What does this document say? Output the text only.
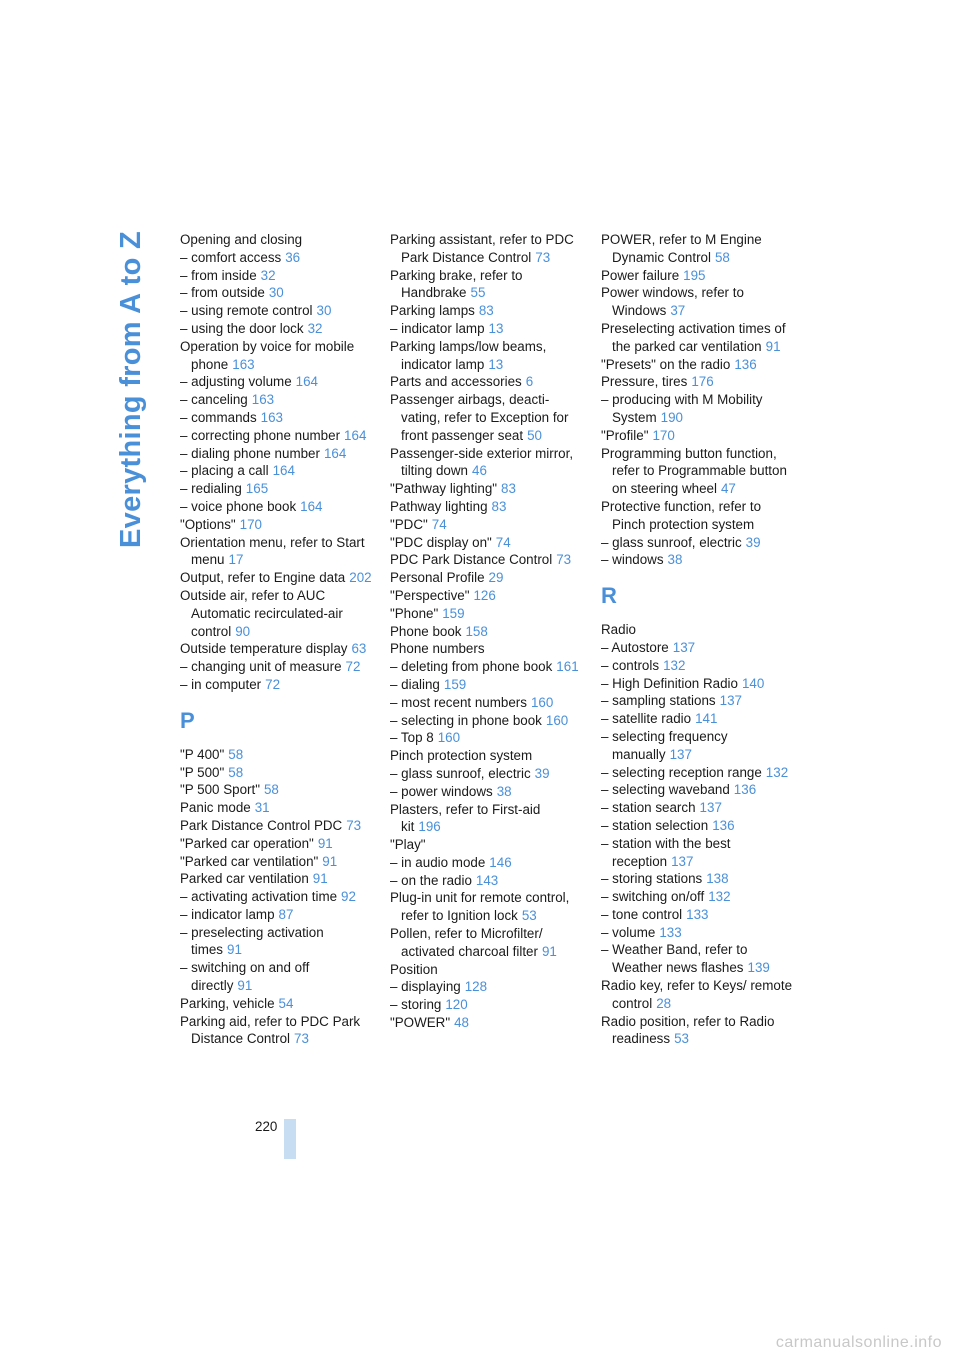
Everything from A to Z Opening and closing
– comfort access 36
– from inside 32
– from outside 30
– using remote control 30
– using the door lock 32
Operation by voice for mobile phone 163
– adjusting volume 164
– canceling 163
– commands 163
– correcting phone number 164
– dialing phone number 164
– placing a call 164
– redialing 165
– voice phone book 164
"Options" 170
Orientation menu, refer to Start menu 17
Output, refer to Engine data 202
Outside air, refer to AUC Automatic recirculated-air control 90
Outside temperature display 63
– changing unit of measure 72
– in computer 72
P
"P 400" 58
"P 500" 58
"P 500 Sport" 58
Panic mode 31
Park Distance Control PDC 73
"Parked car operation" 91
"Parked car ventilation" 91
Parked car ventilation 91
– activating activation time 92
– indicator lamp 87
– preselecting activation times 91
– switching on and off directly 91
Parking, vehicle 54
Parking aid, refer to PDC Park Distance Control 73
Parking assistant, refer to PDC Park Distance Control 73
Parking brake, refer to Handbrake 55
Parking lamps 83
– indicator lamp 13
Parking lamps/low beams, indicator lamp 13
Parts and accessories 6
Passenger airbags, deacti-vating, refer to Exception for front passenger seat 50
Passenger-side exterior mirror, tilting down 46
"Pathway lighting" 83
Pathway lighting 83
"PDC" 74
"PDC display on" 74
PDC Park Distance Control 73
Personal Profile 29
"Perspective" 126
"Phone" 159
Phone book 158
Phone numbers
– deleting from phone book 161
– dialing 159
– most recent numbers 160
– selecting in phone book 160
– Top 8 160
Pinch protection system
– glass sunroof, electric 39
– power windows 38
Plasters, refer to First-aid kit 196
"Play"
– in audio mode 146
– on the radio 143
Plug-in unit for remote control, refer to Ignition lock 53
Pollen, refer to Microfilter/ activated charcoal filter 91
Position
– displaying 128
– storing 120
"POWER" 48
POWER, refer to M Engine Dynamic Control 58
Power failure 195
Power windows, refer to Windows 37
Preselecting activation times of the parked car ventilation 91
"Presets" on the radio 136
Pressure, tires 176
– producing with M Mobility System 190
"Profile" 170
Programming button function, refer to Programmable button on steering wheel 47
Protective function, refer to Pinch protection system
– glass sunroof, electric 39
– windows 38
R
Radio
– Autostore 137
– controls 132
– High Definition Radio 140
– sampling stations 137
– satellite radio 141
– selecting frequency manually 137
– selecting reception range 132
– selecting waveband 136
– station search 137
– station selection 136
– station with the best reception 137
– storing stations 138
– switching on/off 132
– tone control 133
– volume 133
– Weather Band, refer to Weather news flashes 139
Radio key, refer to Keys/ remote control 28
Radio position, refer to Radio readiness 53
220
carmanualsonline.info
